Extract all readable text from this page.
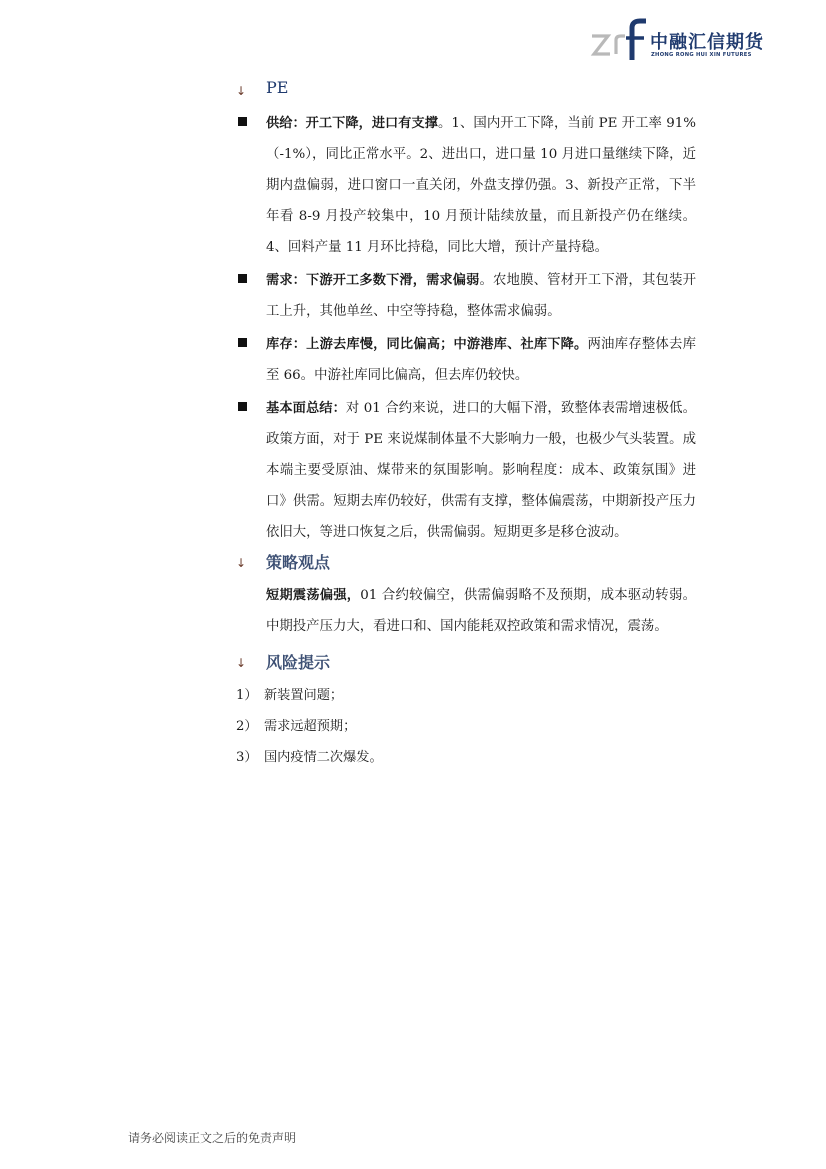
中融汇信期货
ZHONG RONG HUI XIN FUTURES
↓ PE
供给：开工下降，进口有支撑。1、国内开工下降，当前 PE 开工率 91%（-1%），同比正常水平。2、进出口，进口量 10 月进口量继续下降，近期内盘偏弱，进口窗口一直关闭，外盘支撑仍强。3、新投产正常，下半年看 8-9 月投产较集中，10 月预计陆续放量，而且新投产仍在继续。4、回料产量 11 月环比持稳，同比大增，预计产量持稳。
需求：下游开工多数下滑，需求偏弱。农地膜、管材开工下滑，其包装开工上升，其他单丝、中空等持稳，整体需求偏弱。
库存：上游去库慢，同比偏高；中游港库、社库下降。两油库存整体去库至 66。中游社库同比偏高，但去库仍较快。
基本面总结：对 01 合约来说，进口的大幅下滑，致整体表需增速极低。政策方面，对于 PE 来说煤制体量不大影响力一般，也极少气头装置。成本端主要受原油、煤带来的氛围影响。影响程度：成本、政策氛围》进口》供需。短期去库仍较好，供需有支撑，整体偏震荡，中期新投产压力依旧大，等进口恢复之后，供需偏弱。短期更多是移仓波动。
↓ 策略观点
短期震荡偏强，01 合约较偏空，供需偏弱略不及预期，成本驱动转弱。中期投产压力大，看进口和、国内能耗双控政策和需求情况，震荡。
↓ 风险提示
1） 新装置问题；
2） 需求远超预期；
3） 国内疫情二次爆发。
请务必阅读正文之后的免责声明
